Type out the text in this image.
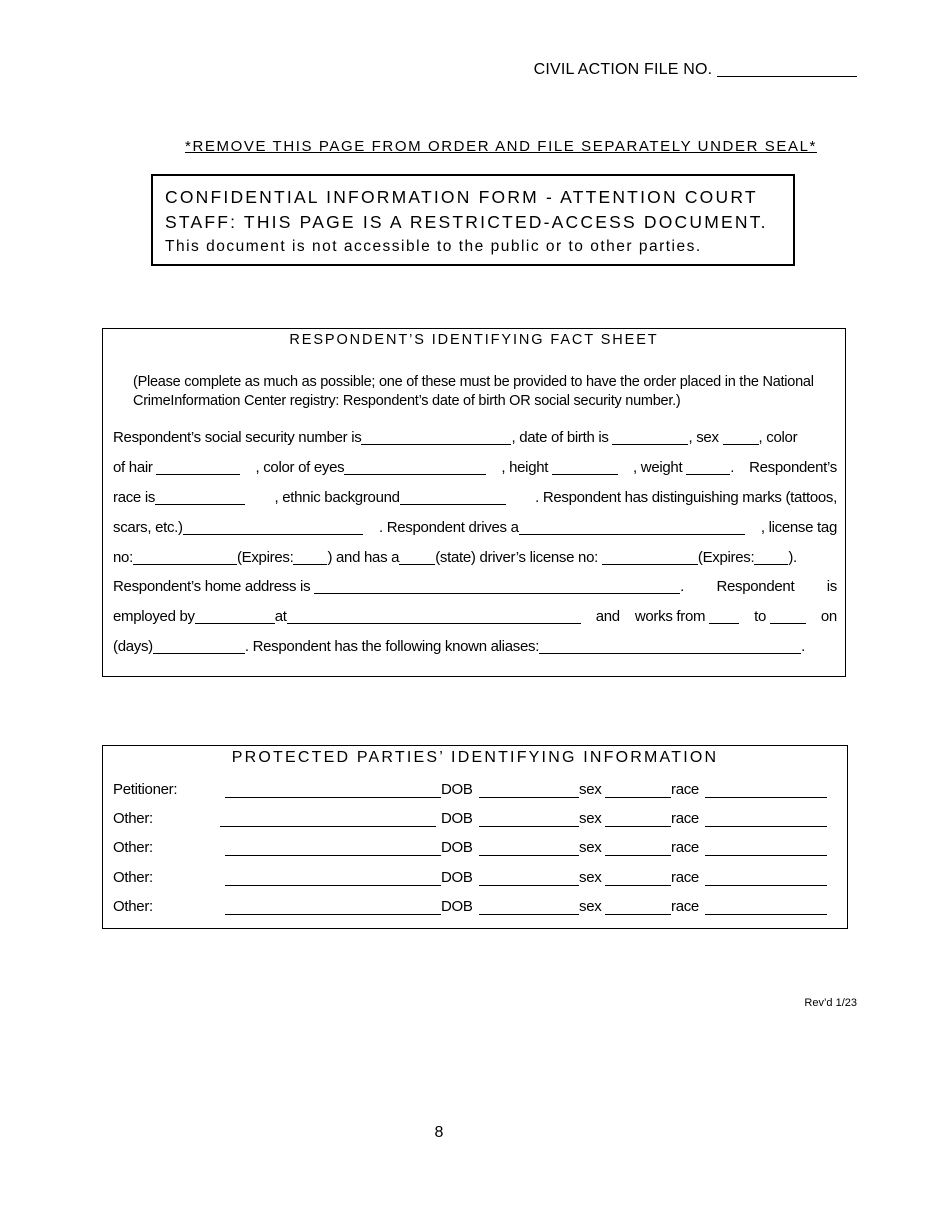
CIVIL ACTION FILE NO.
*REMOVE THIS PAGE FROM ORDER AND FILE SEPARATELY UNDER SEAL*
CONFIDENTIAL INFORMATION FORM - ATTENTION COURT
STAFF: THIS PAGE IS A RESTRICTED-ACCESS DOCUMENT.
This document is not accessible to the public or to other parties.
RESPONDENT’S IDENTIFYING FACT SHEET
(Please complete as much as possible; one of these must be provided to have the order placed in the National CrimeInformation Center registry: Respondent’s date of birth OR social security number.)
Respondent’s social security number is	, date of birth is	, sex	, color
of hair	, color of eyes	, height	, weight	. Respondent’s
race is	, ethnic background	. Respondent has distinguishing marks (tattoos,
scars, etc.)	. Respondent drives a	, license tag
no:	(Expires: ) and has a (state) driver’s license no:	(Expires: ).
Respondent’s home address is	. Respondent is
employed by	at	and works from	to	on
(days)	. Respondent has the following known aliases:	.
PROTECTED PARTIES’ IDENTIFYING INFORMATION
Petitioner:	DOB	sex	race
Other:	DOB	sex	race
Other:	DOB	sex	race
Other:	DOB	sex	race
Other:	DOB	sex	race
Rev’d 1/23
8
